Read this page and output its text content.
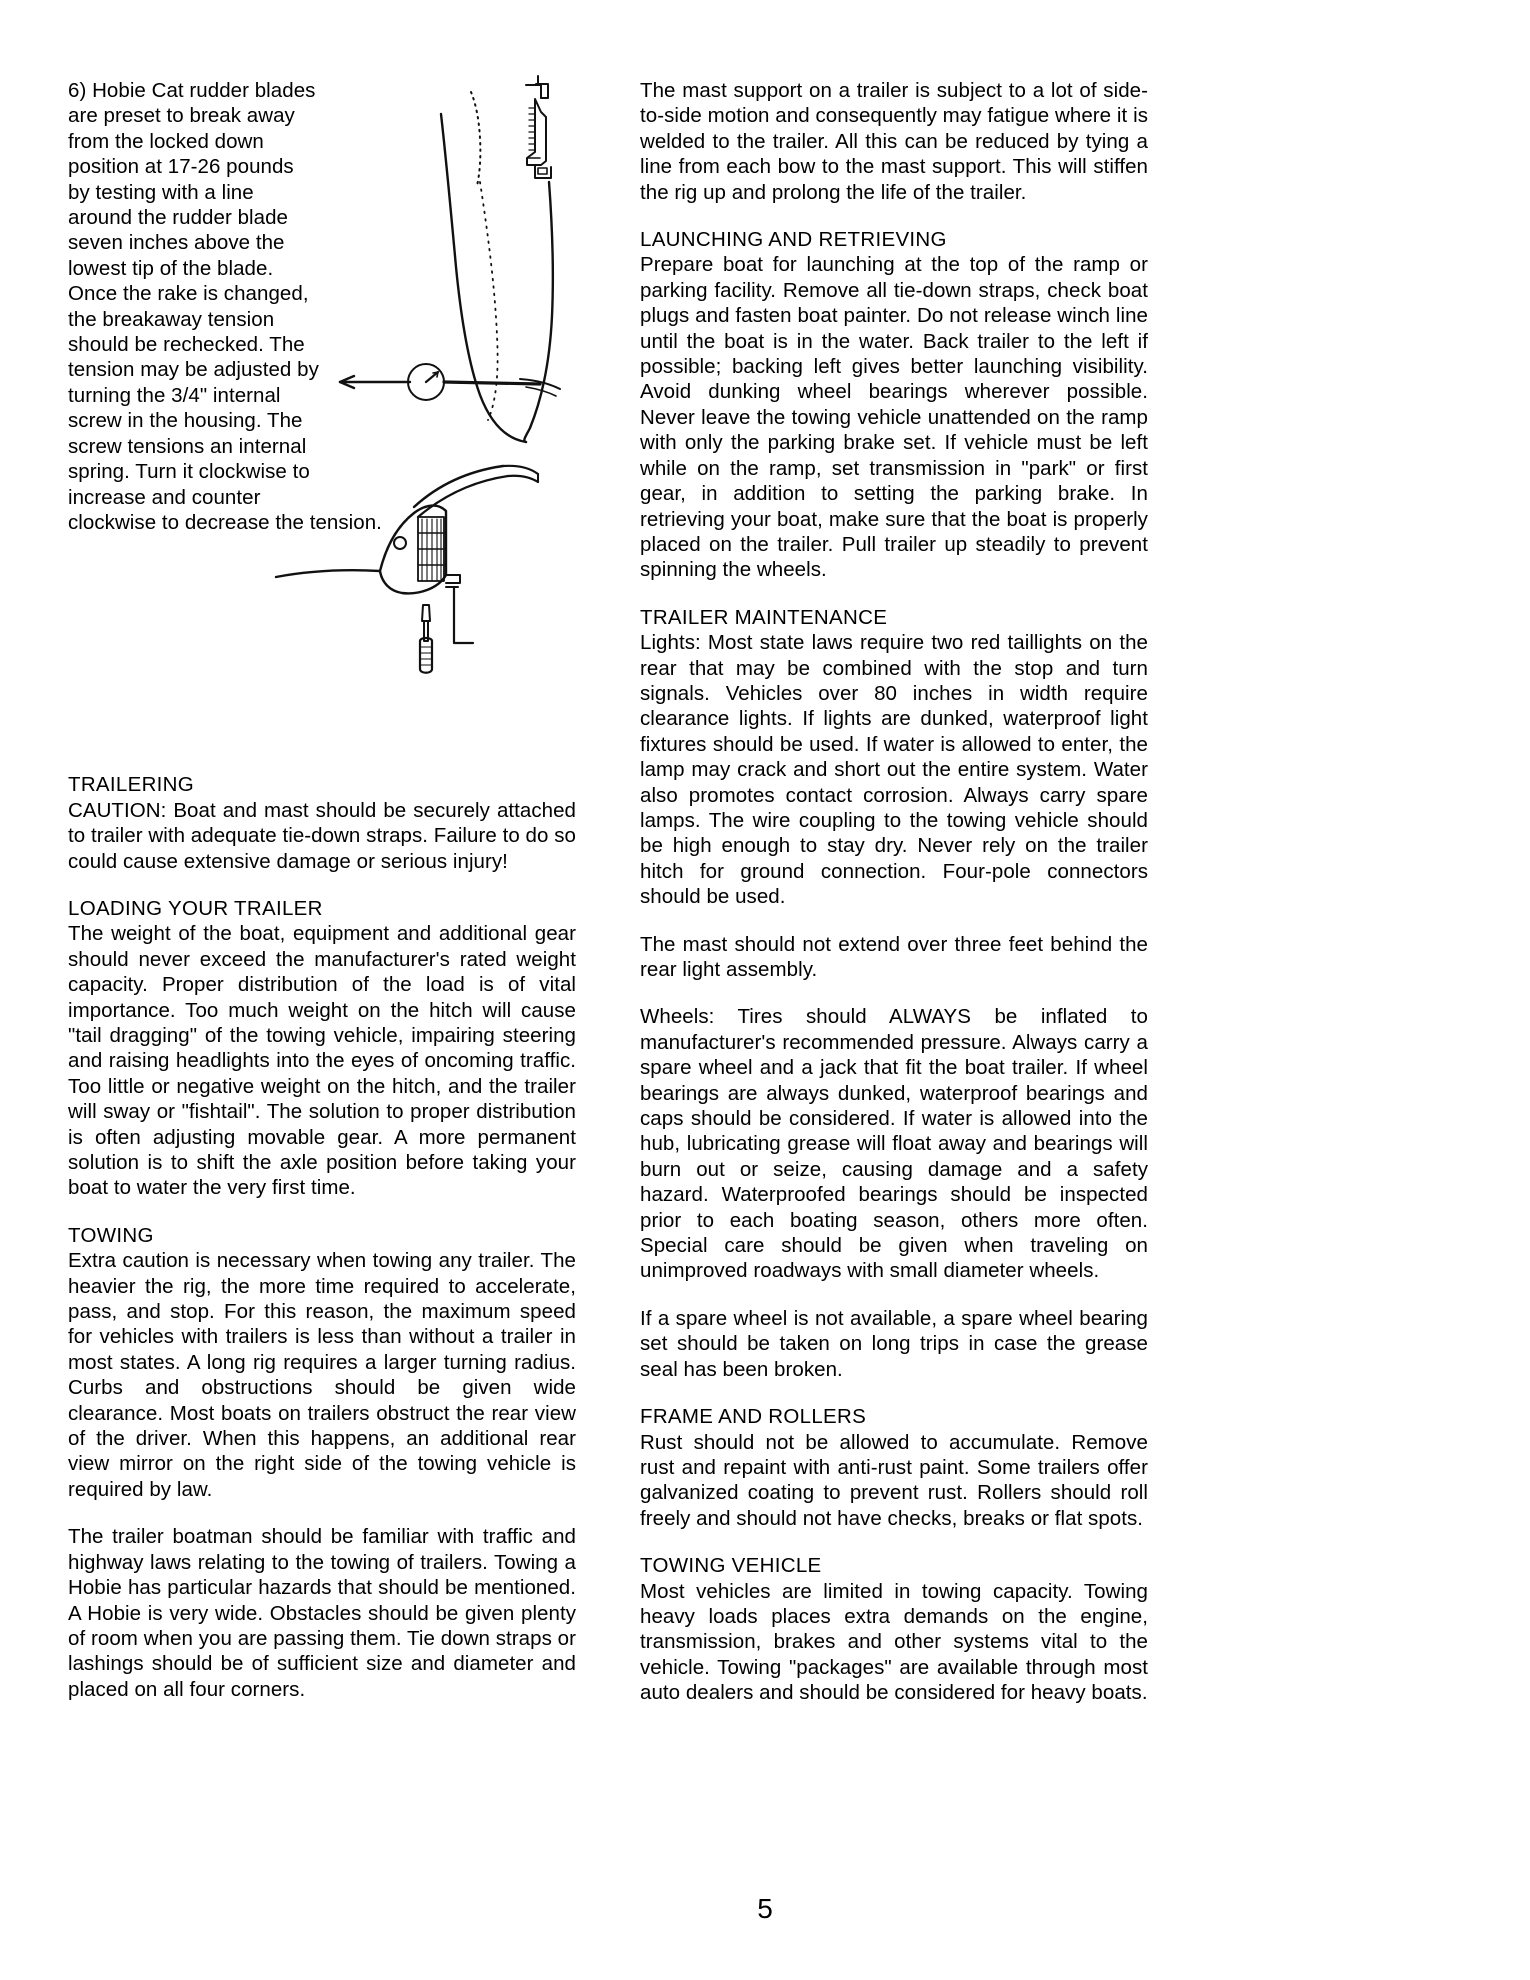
6) Hobie Cat rudder blades are preset to break away from the locked down position at 17-26 pounds by testing with a line around the rudder blade seven inches above the lowest tip of the blade. Once the rake is changed, the breakaway tension should be rechecked. The tension may be adjusted by turning the 3/4" internal screw in the housing. The screw tensions an internal spring. Turn it clockwise to increase and counter clockwise to decrease the tension.

TRAILERING

CAUTION: Boat and mast should be securely attached to trailer with adequate tie-down straps. Failure to do so could cause extensive damage or serious injury!

LOADING YOUR TRAILER

The weight of the boat, equipment and additional gear should never exceed the manufacturer's rated weight capacity. Proper distribution of the load is of vital importance. Too much weight on the hitch will cause "tail dragging" of the towing vehicle, impairing steering and raising headlights into the eyes of oncoming traffic. Too little or negative weight on the hitch, and the trailer will sway or "fishtail". The solution to proper distribution is often adjusting movable gear. A more permanent solution is to shift the axle position before taking your boat to water the very first time.

TOWING

Extra caution is necessary when towing any trailer. The heavier the rig, the more time required to accelerate, pass, and stop. For this reason, the maximum speed for vehicles with trailers is less than without a trailer in most states. A long rig requires a larger turning radius. Curbs and obstructions should be given wide clearance. Most boats on trailers obstruct the rear view of the driver. When this happens, an additional rear view mirror on the right side of the towing vehicle is required by law.

The trailer boatman should be familiar with traffic and highway laws relating to the towing of trailers. Towing a Hobie has particular hazards that should be mentioned. A Hobie is very wide. Obstacles should be given plenty of room when you are passing them. Tie down straps or lashings should be of sufficient size and diameter and placed on all four corners.

The mast support on a trailer is subject to a lot of side-to-side motion and consequently may fatigue where it is welded to the trailer. All this can be reduced by tying a line from each bow to the mast support. This will stiffen the rig up and prolong the life of the trailer.

LAUNCHING AND RETRIEVING

Prepare boat for launching at the top of the ramp or parking facility. Remove all tie-down straps, check boat plugs and fasten boat painter. Do not release winch line until the boat is in the water. Back trailer to the left if possible; backing left gives better launching visibility. Avoid dunking wheel bearings wherever possible. Never leave the towing vehicle unattended on the ramp with only the parking brake set. If vehicle must be left while on the ramp, set transmission in "park" or first gear, in addition to setting the parking brake. In retrieving your boat, make sure that the boat is properly placed on the trailer. Pull trailer up steadily to prevent spinning the wheels.

TRAILER MAINTENANCE

Lights: Most state laws require two red taillights on the rear that may be combined with the stop and turn signals. Vehicles over 80 inches in width require clearance lights. If lights are dunked, waterproof light fixtures should be used. If water is allowed to enter, the lamp may crack and short out the entire system. Water also promotes contact corrosion. Always carry spare lamps. The wire coupling to the towing vehicle should be high enough to stay dry. Never rely on the trailer hitch for ground connection. Four-pole connectors should be used.

The mast should not extend over three feet behind the rear light assembly.

Wheels: Tires should ALWAYS be inflated to manufacturer's recommended pressure. Always carry a spare wheel and a jack that fit the boat trailer. If wheel bearings are always dunked, waterproof bearings and caps should be considered. If water is allowed into the hub, lubricating grease will float away and bearings will burn out or seize, causing damage and a safety hazard. Waterproofed bearings should be inspected prior to each boating season, others more often. Special care should be given when traveling on unimproved roadways with small diameter wheels.

If a spare wheel is not available, a spare wheel bearing set should be taken on long trips in case the grease seal has been broken.

FRAME AND ROLLERS

Rust should not be allowed to accumulate. Remove rust and repaint with anti-rust paint. Some trailers offer galvanized coating to prevent rust. Rollers should roll freely and should not have checks, breaks or flat spots.

TOWING VEHICLE

Most vehicles are limited in towing capacity. Towing heavy loads places extra demands on the engine, transmission, brakes and other systems vital to the vehicle. Towing "packages" are available through most auto dealers and should be considered for heavy boats.

5
